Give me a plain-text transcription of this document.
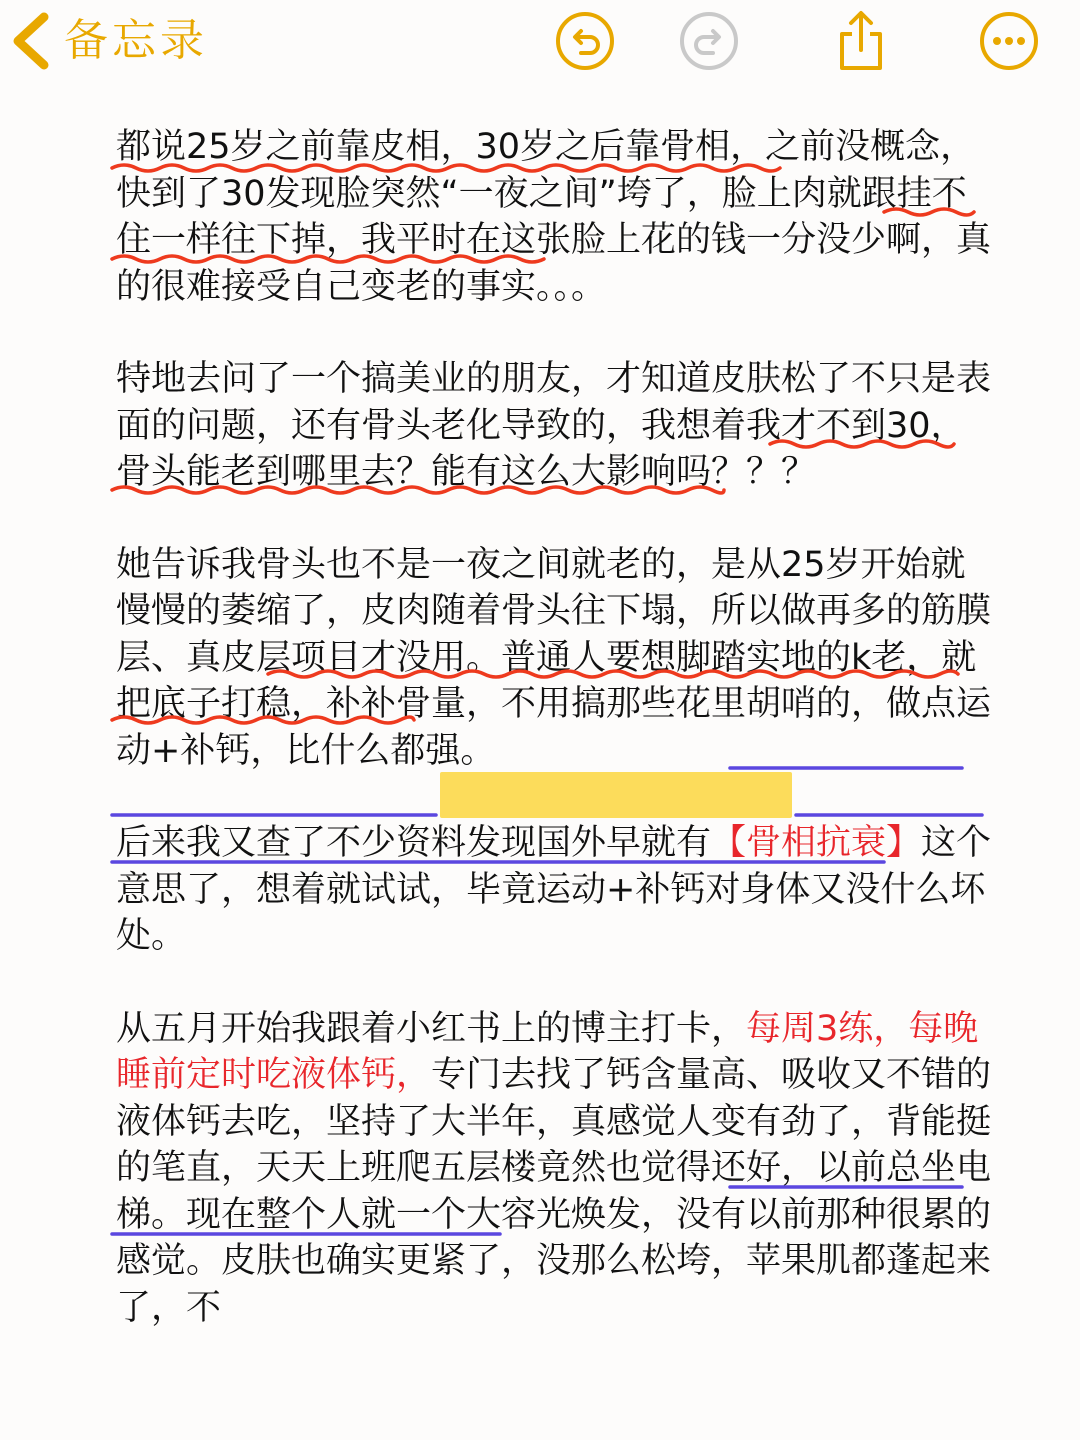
备忘录

都说25岁之前靠皮相，30岁之后靠骨相，之前没概念，快到了30发现脸突然“一夜之间”垮了，脸上肉就跟挂不住一样往下掉，我平时在这张脸上花的钱一分没少啊，真的很难接受自己变老的事实。。。

特地去问了一个搞美业的朋友，才知道皮肤松了不只是表面的问题，还有骨头老化导致的，我想着我才不到30，骨头能老到哪里去？能有这么大影响吗？？？

她告诉我骨头也不是一夜之间就老的，是从25岁开始就慢慢的萎缩了，皮肉随着骨头往下塌，所以做再多的筋膜层、真皮层项目才没用。普通人要想脚踏实地的k老，就把底子打稳，补补骨量，不用搞那些花里胡哨的，做点运动+补钙，比什么都强。

后来我又查了不少资料发现国外早就有【骨相抗衰】这个意思了，想着就试试，毕竟运动+补钙对身体又没什么坏处。

从五月开始我跟着小红书上的博主打卡，每周3练，每晚睡前定时吃液体钙，专门去找了钙含量高、吸收又不错的液体钙去吃，坚持了大半年，真感觉人变有劲了，背能挺的笔直，天天上班爬五层楼竟然也觉得还好，以前总坐电梯。现在整个人就一个大容光焕发，没有以前那种很累的感觉。皮肤也确实更紧了，没那么松垮，苹果肌都蓬起来了，不
